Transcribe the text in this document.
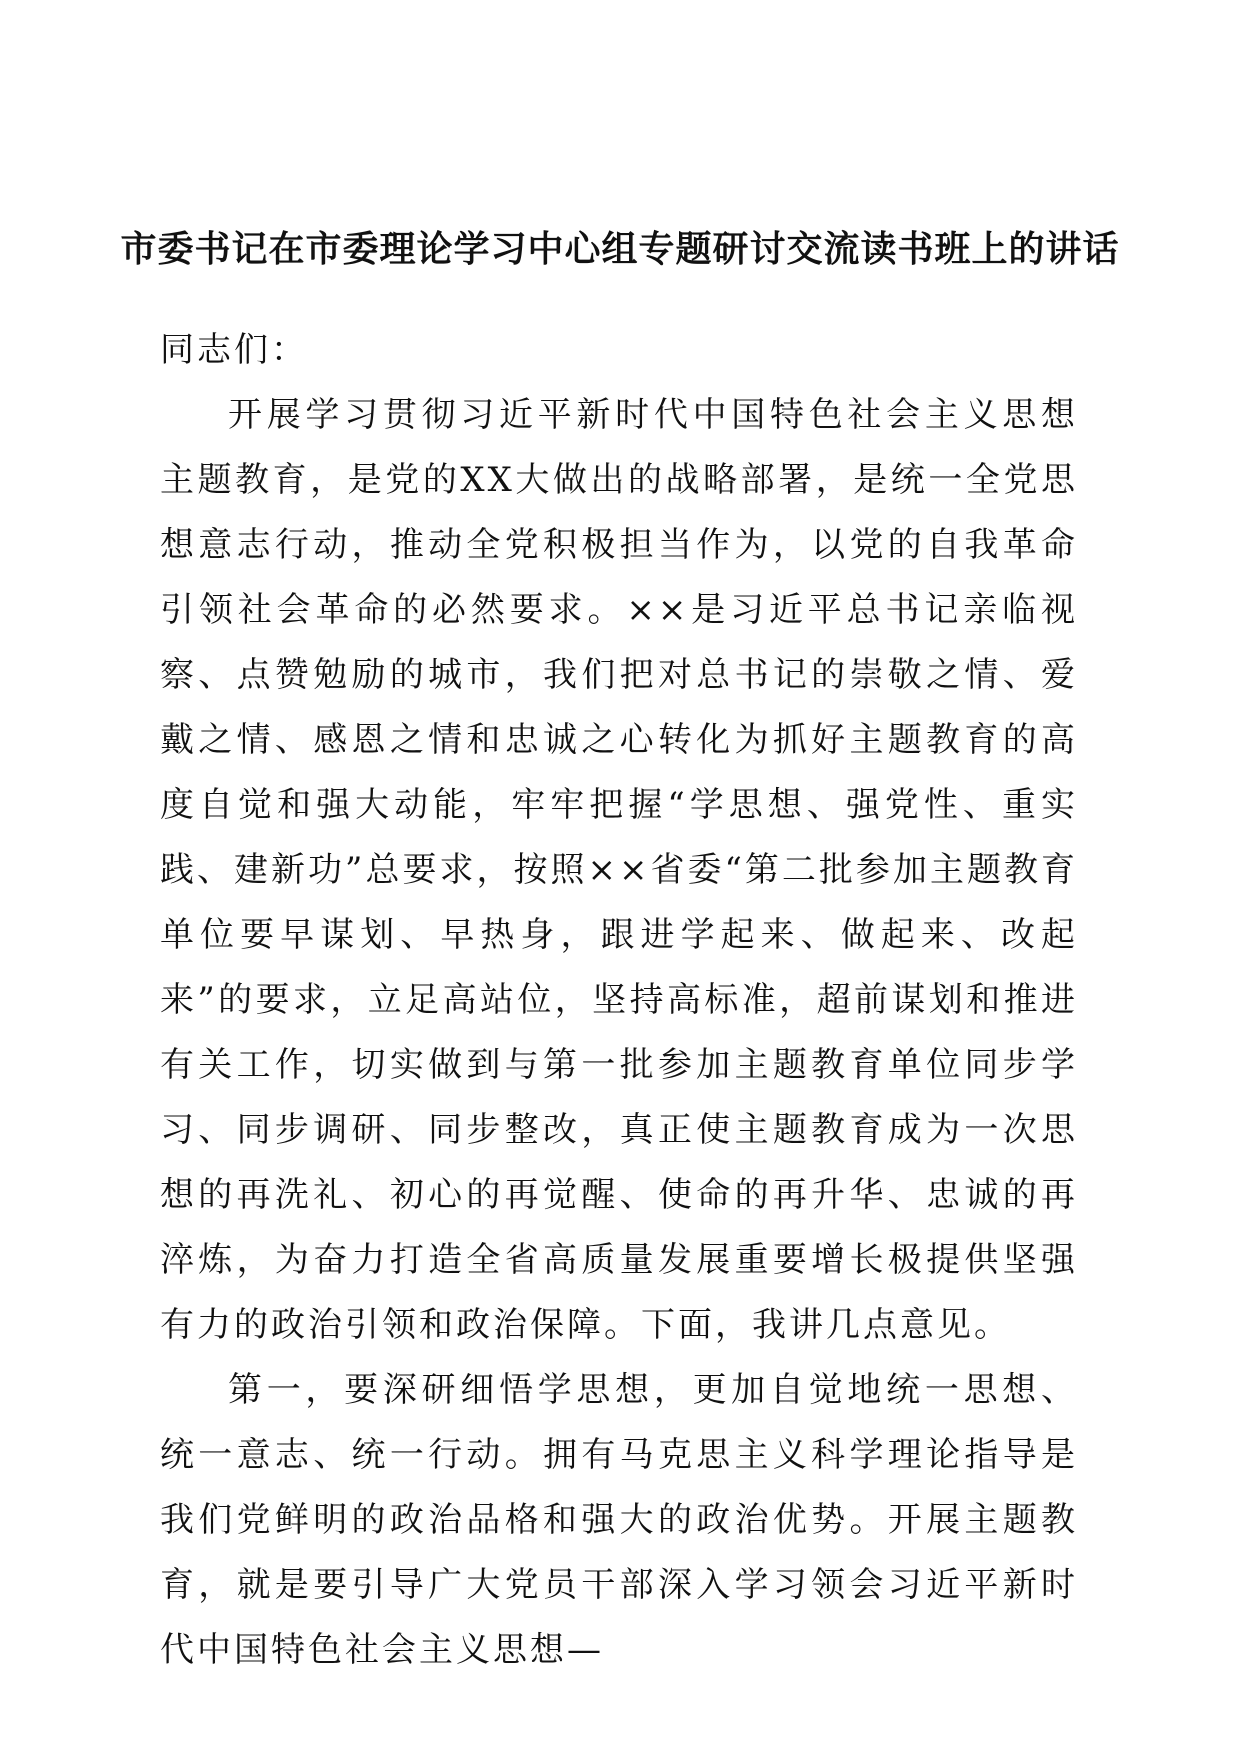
市委书记在市委理论学习中心组专题研讨交流读书班上的讲话

同志们：

开展学习贯彻习近平新时代中国特色社会主义思想主题教育，是党的XX大做出的战略部署，是统一全党思想意志行动，推动全党积极担当作为，以党的自我革命引领社会革命的必然要求。××是习近平总书记亲临视察、点赞勉励的城市，我们把对总书记的崇敬之情、爱戴之情、感恩之情和忠诚之心转化为抓好主题教育的高度自觉和强大动能，牢牢把握“学思想、强党性、重实践、建新功”总要求，按照××省委“第二批参加主题教育单位要早谋划、早热身，跟进学起来、做起来、改起来”的要求，立足高站位，坚持高标准，超前谋划和推进有关工作，切实做到与第一批参加主题教育单位同步学习、同步调研、同步整改，真正使主题教育成为一次思想的再洗礼、初心的再觉醒、使命的再升华、忠诚的再淬炼，为奋力打造全省高质量发展重要增长极提供坚强有力的政治引领和政治保障。下面，我讲几点意见。

第一，要深研细悟学思想，更加自觉地统一思想、统一意志、统一行动。拥有马克思主义科学理论指导是我们党鲜明的政治品格和强大的政治优势。开展主题教育，就是要引导广大党员干部深入学习领会习近平新时代中国特色社会主义思想—
